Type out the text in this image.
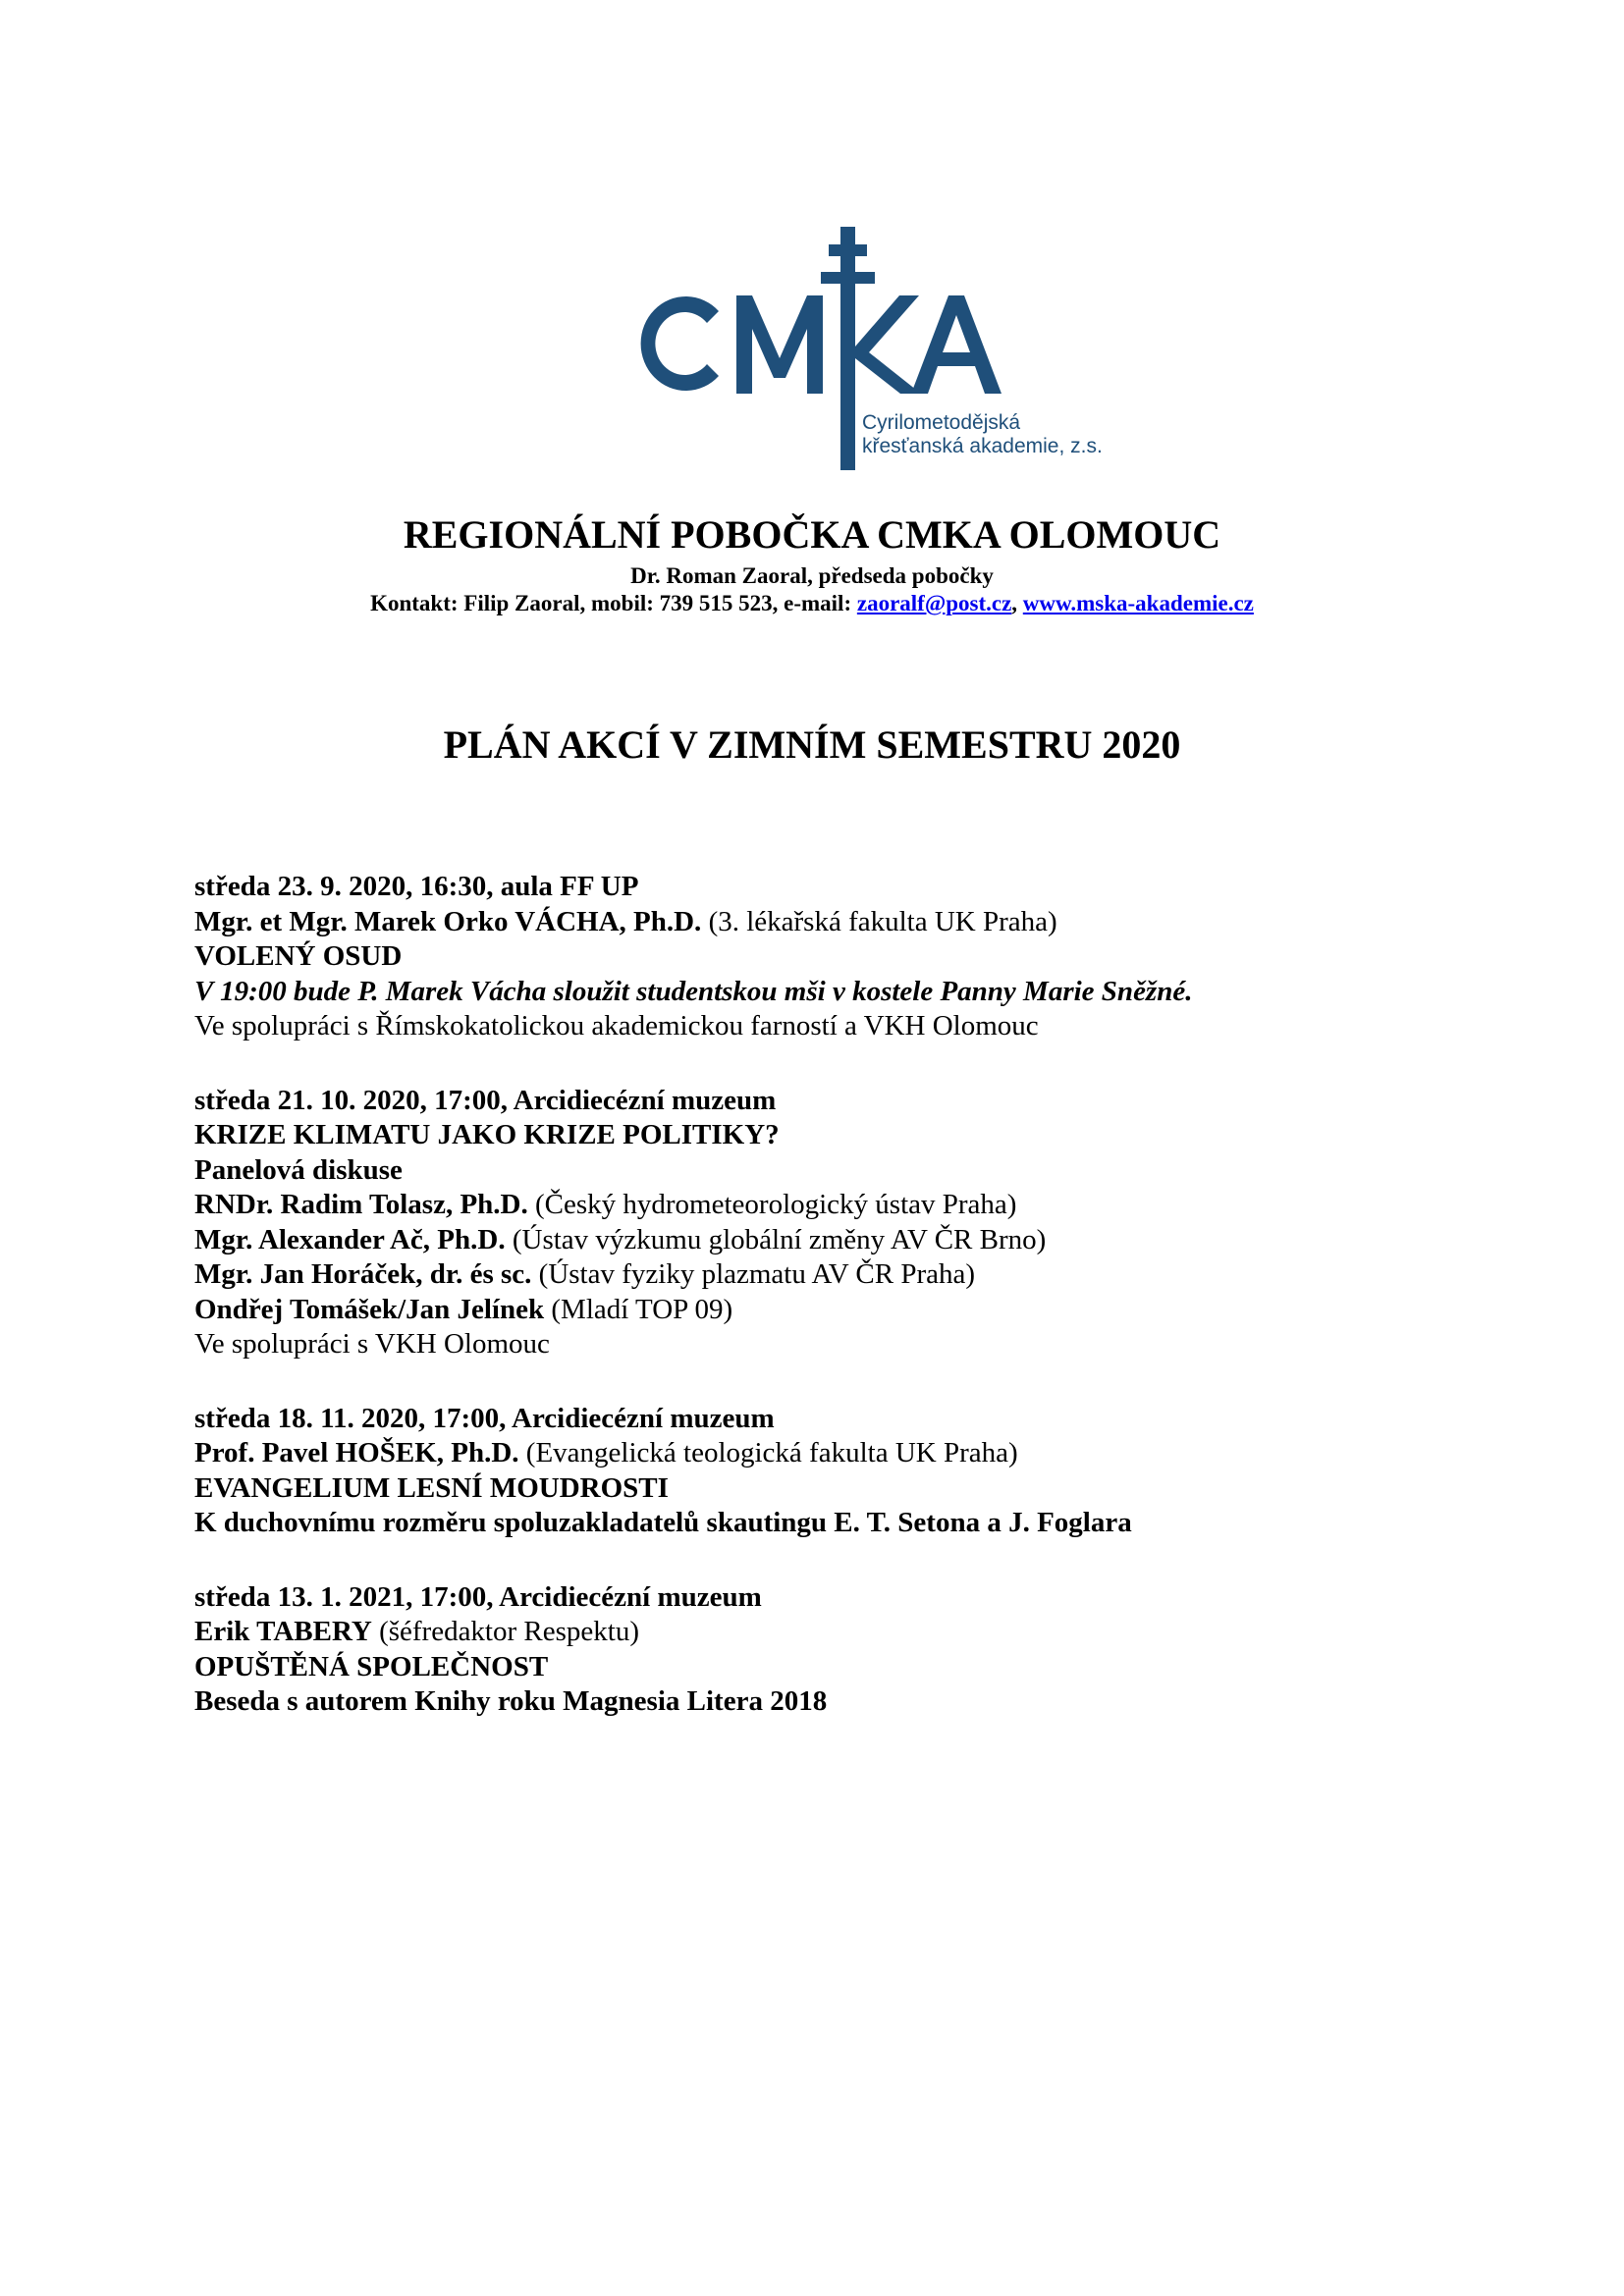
Cyrilometodějská
křesťanská akademie, z.s.
REGIONÁLNÍ POBOČKA CMKA OLOMOUC
Dr. Roman Zaoral, předseda pobočky
Kontakt: Filip Zaoral, mobil: 739 515 523, e-mail: zaoralf@post.cz, www.mska-akademie.cz
PLÁN AKCÍ V ZIMNÍM SEMESTRU 2020
středa 23. 9. 2020, 16:30, aula FF UP
Mgr. et Mgr. Marek Orko VÁCHA, Ph.D. (3. lékařská fakulta UK Praha)
VOLENÝ OSUD
V 19:00 bude P. Marek Vácha sloužit studentskou mši v kostele Panny Marie Sněžné.
Ve spolupráci s Římskokatolickou akademickou farností a VKH Olomouc
středa 21. 10. 2020, 17:00, Arcidiecézní muzeum
KRIZE KLIMATU JAKO KRIZE POLITIKY?
Panelová diskuse
RNDr. Radim Tolasz, Ph.D. (Český hydrometeorologický ústav Praha)
Mgr. Alexander Ač, Ph.D. (Ústav výzkumu globální změny AV ČR Brno)
Mgr. Jan Horáček, dr. és sc. (Ústav fyziky plazmatu AV ČR Praha)
Ondřej Tomášek/Jan Jelínek (Mladí TOP 09)
Ve spolupráci s VKH Olomouc
středa 18. 11. 2020, 17:00, Arcidiecézní muzeum
Prof. Pavel HOŠEK, Ph.D. (Evangelická teologická fakulta UK Praha)
EVANGELIUM LESNÍ MOUDROSTI
K duchovnímu rozměru spoluzakladatelů skautingu E. T. Setona a J. Foglara
středa 13. 1. 2021, 17:00, Arcidiecézní muzeum
Erik TABERY (šéfredaktor Respektu)
OPUŠTĚNÁ SPOLEČNOST
Beseda s autorem Knihy roku Magnesia Litera 2018
